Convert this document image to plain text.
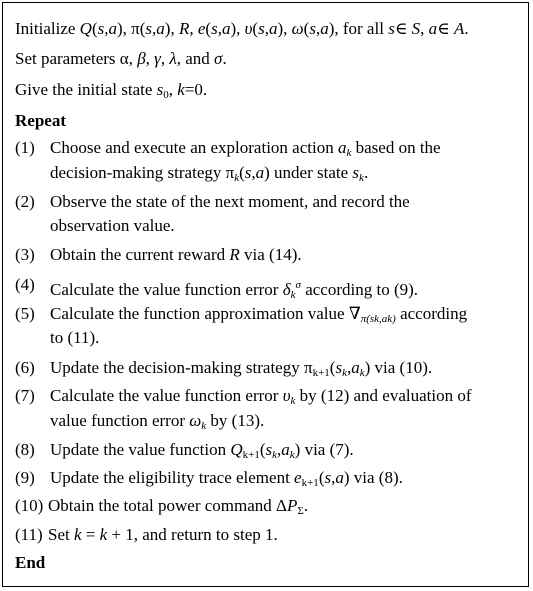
Initialize Q(s,a), π(s,a), R, e(s,a), υ(s,a), ω(s,a), for all s∈ S, a∈ A.
Set parameters α, β, γ, λ, and σ.
Give the initial state $s_0$, k=0.
Repeat
(1) Choose and execute an exploration action $a_k$ based on the
decision-making strategy $\pi_k(s,a)$ under state $s_k$.
(2) Observe the state of the next moment, and record the
observation value.
(3) Obtain the current reward R via (14).
(4) Calculate the value function error $\delta_k^\sigma$ according to (9).
(5) Calculate the function approximation value $\nabla_{\pi(sk,ak)}$ according
to (11).
(6) Update the decision-making strategy $\pi_{k+1}(s_k,a_k)$ via (10).
(7) Calculate the value function error $\upsilon_k$ by (12) and evaluation of
value function error $\omega_k$ by (13).
(8) Update the value function $Q_{k+1}(s_k,a_k)$ via (7).
(9) Update the eligibility trace element $e_{k+1}(s,a)$ via (8).
(10) Obtain the total power command $\Delta P_\Sigma$.
(11) Set k = k + 1, and return to step 1.
End
